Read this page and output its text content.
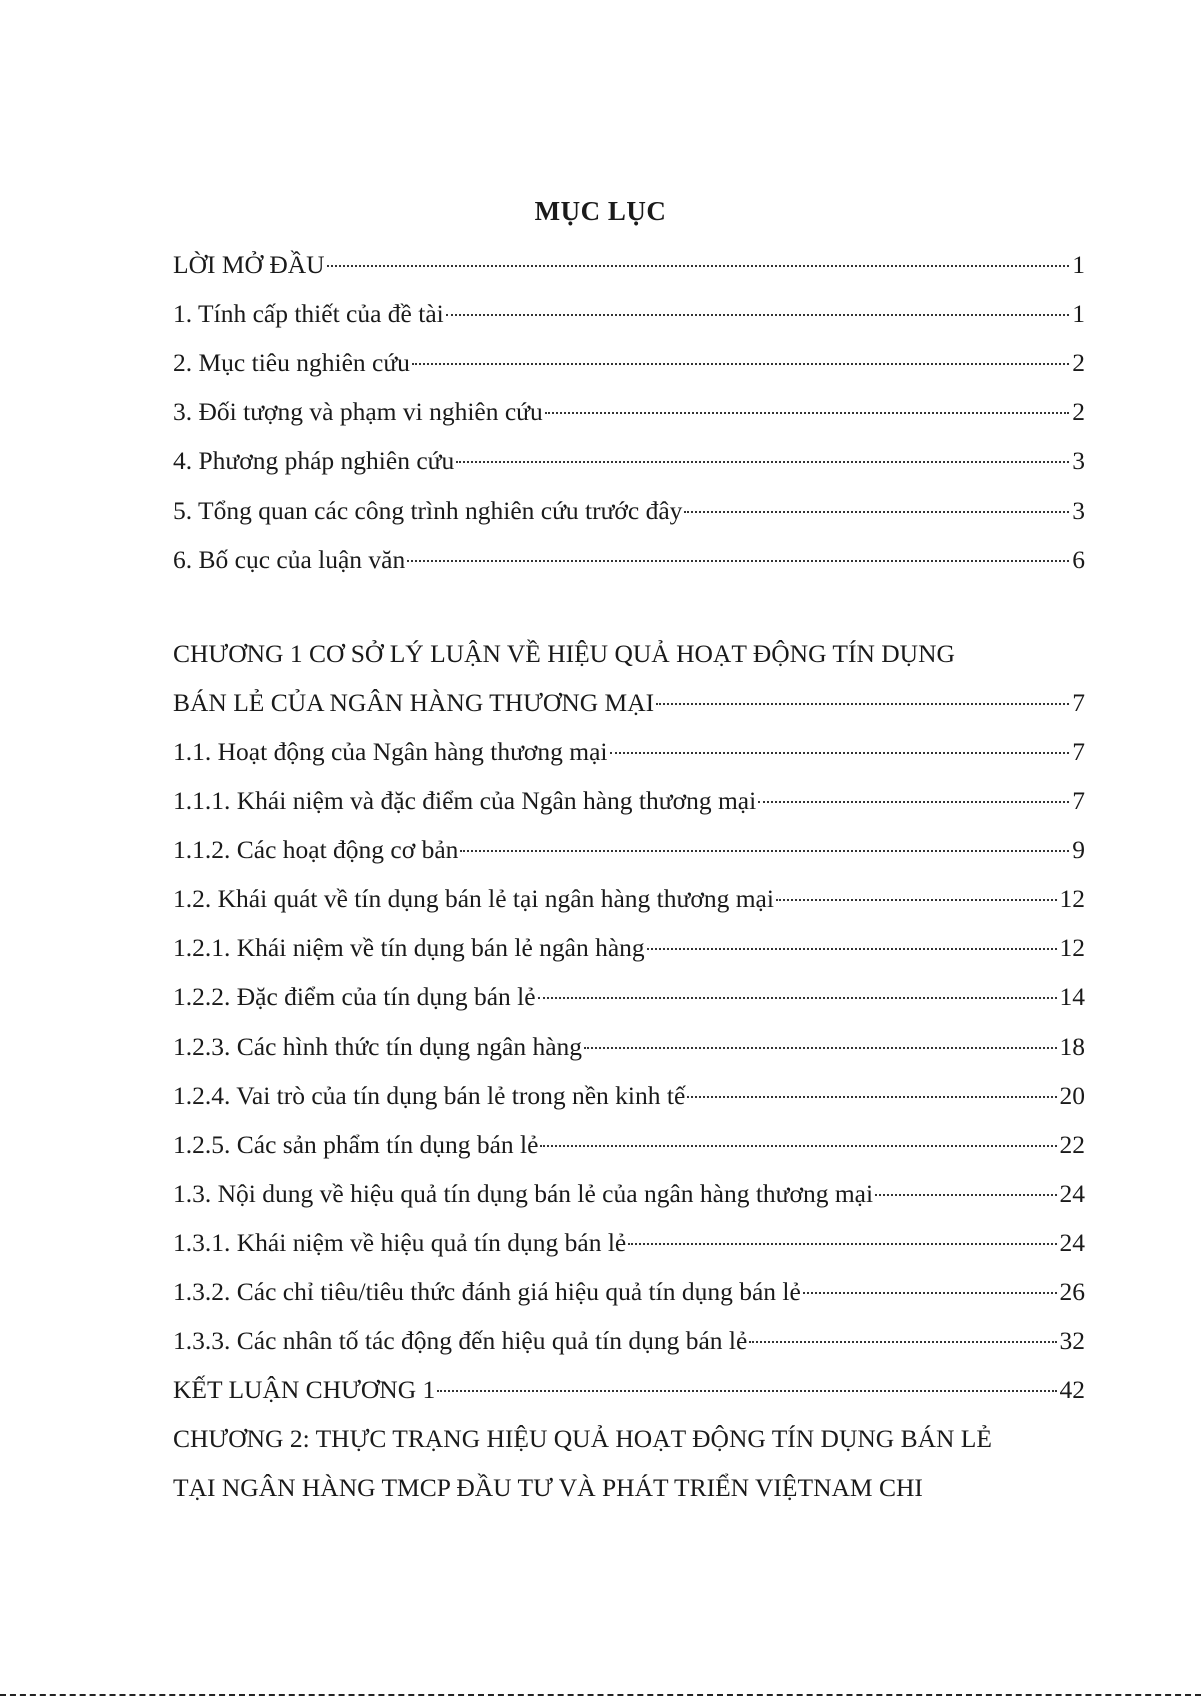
MỤC LỤC
LỜI MỞ ĐẦU	1
1. Tính cấp thiết của đề tài	1
2. Mục tiêu nghiên cứu	2
3. Đối tượng và phạm vi nghiên cứu	2
4. Phương pháp nghiên cứu	3
5. Tổng quan các công trình nghiên cứu trước đây	3
6. Bố cục của luận văn	6
CHƯƠNG 1 CƠ SỞ LÝ LUẬN VỀ HIỆU QUẢ HOẠT ĐỘNG TÍN DỤNG
BÁN LẺ CỦA NGÂN HÀNG THƯƠNG MẠI	7
1.1. Hoạt động của Ngân hàng thương mại	7
1.1.1. Khái niệm và đặc điểm của Ngân hàng thương mại	7
1.1.2. Các hoạt động cơ bản	9
1.2. Khái quát về tín dụng bán lẻ tại ngân hàng thương mại	12
1.2.1. Khái niệm về tín dụng bán lẻ ngân hàng	12
1.2.2. Đặc điểm của tín dụng bán lẻ	14
1.2.3. Các hình thức tín dụng ngân hàng	18
1.2.4. Vai trò của tín dụng bán lẻ trong nền kinh tế	20
1.2.5. Các sản phẩm tín dụng bán lẻ	22
1.3. Nội dung về hiệu quả tín dụng bán lẻ của ngân hàng thương mại	24
1.3.1. Khái niệm về hiệu quả tín dụng bán lẻ	24
1.3.2. Các chỉ tiêu/tiêu thức đánh giá hiệu quả tín dụng bán lẻ	26
1.3.3. Các nhân tố tác động đến hiệu quả tín dụng bán lẻ	32
KẾT LUẬN CHƯƠNG 1	42
CHƯƠNG 2: THỰC TRẠNG HIỆU QUẢ HOẠT ĐỘNG TÍN DỤNG BÁN LẺ
TẠI NGÂN HÀNG TMCP ĐẦU TƯ VÀ PHÁT TRIỂN VIỆTNAM CHI
